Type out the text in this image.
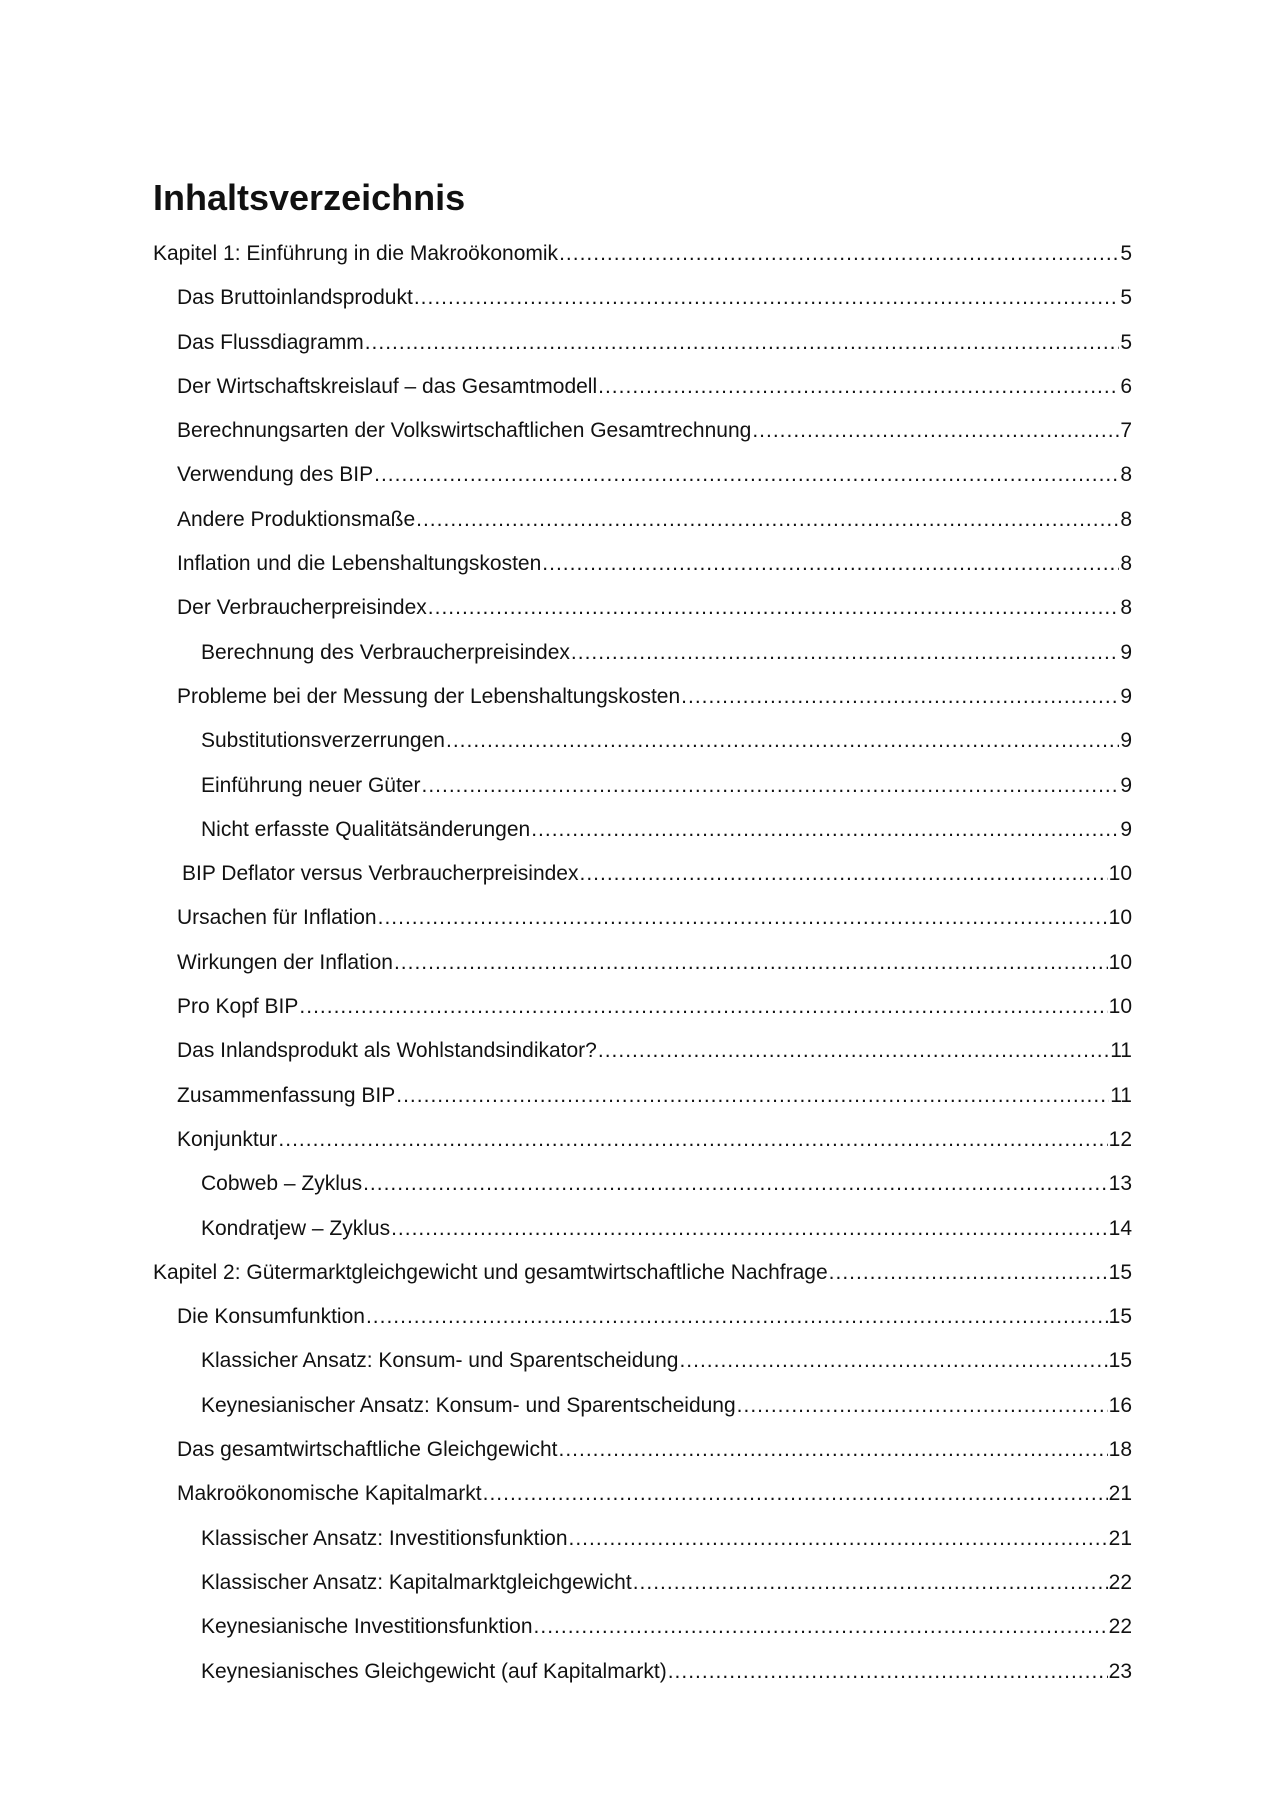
Inhaltsverzeichnis
Kapitel 1: Einführung in die Makroökonomik .....	5
Das Bruttoinlandsprodukt .....	5
Das Flussdiagramm .....	5
Der Wirtschaftskreislauf – das Gesamtmodell .....	6
Berechnungsarten der Volkswirtschaftlichen Gesamtrechnung .....	7
Verwendung des BIP .....	8
Andere Produktionsmaße .....	8
Inflation und die Lebenshaltungskosten .....	8
Der Verbraucherpreisindex .....	8
Berechnung des Verbraucherpreisindex .....	9
Probleme bei der Messung der Lebenshaltungskosten .....	9
Substitutionsverzerrungen .....	9
Einführung neuer Güter .....	9
Nicht erfasste Qualitätsänderungen .....	9
BIP Deflator versus Verbraucherpreisindex .....	10
Ursachen für Inflation .....	10
Wirkungen der Inflation .....	10
Pro Kopf BIP .....	10
Das Inlandsprodukt als Wohlstandsindikator? .....	11
Zusammenfassung BIP .....	11
Konjunktur .....	12
Cobweb – Zyklus .....	13
Kondratjew – Zyklus .....	14
Kapitel 2: Gütermarktgleichgewicht und gesamtwirtschaftliche Nachfrage .....	15
Die Konsumfunktion .....	15
Klassicher Ansatz: Konsum- und Sparentscheidung .....	15
Keynesianischer Ansatz: Konsum- und Sparentscheidung .....	16
Das gesamtwirtschaftliche Gleichgewicht .....	18
Makroökonomische Kapitalmarkt .....	21
Klassischer Ansatz: Investitionsfunktion .....	21
Klassischer Ansatz: Kapitalmarktgleichgewicht .....	22
Keynesianische Investitionsfunktion .....	22
Keynesianisches Gleichgewicht (auf Kapitalmarkt) .....	23
